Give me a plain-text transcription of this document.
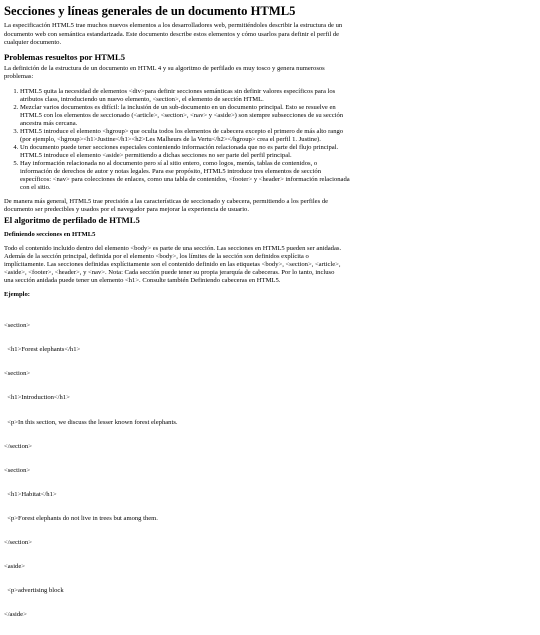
Secciones y líneas generales de un documento HTML5

La especificación HTML5 trae muchos nuevos elementos a los desarrolladores web, permitiéndoles describir la estructura de un documento web con semántica estandarizada. Este documento describe estos elementos y cómo usarlos para definir el perfil de cualquier documento.

Problemas resueltos por HTML5

La definición de la estructura de un documento en HTML 4 y su algoritmo de perfilado es muy tosco y genera numerosos problemas:

1. HTML5 quita la necesidad de elementos <div>para definir secciones semánticas sin definir valores específicos para los atributos class, introduciendo un nuevo elemento, <section>, el elemento de sección HTML.
2. Mezclar varios documentos es difícil: la inclusión de un sub-documento en un documento principal. Esto se resuelve en HTML5 con los elementos de seccionado (<article>, <section>, <nav> y <aside>) son siempre subsecciones de su sección ancestra más cercana.
3. HTML5 introduce el elemento <hgroup> que oculta todos los elementos de cabecera excepto el primero de más alto rango (por ejemplo, <hgroup><h1>Justine</h1><h2>Les Malheurs de la Vertu</h2></hgroup> crea el perfil 1. Justine).
4. Un documento puede tener secciones especiales conteniendo información relacionada que no es parte del flujo principal. HTML5 introduce el elemento <aside> permitiendo a dichas secciones no ser parte del perfil principal.
5. Hay información relacionada no al documento pero sí al sitio entero, como logos, menús, tablas de contenidos, o información de derechos de autor y notas legales. Para ese propósito, HTML5 introduce tres elementos de sección específicos: <nav> para colecciones de enlaces, como una tabla de contenidos, <footer> y <header> información relacionada con el sitio.

De manera más general, HTML5 trae precisión a las características de seccionado y cabecera, permitiendo a los perfiles de documento ser predecibles y usados por el navegador para mejorar la experiencia de usuario.

El algoritmo de perfilado de HTML5
Definiendo secciones en HTML5

Todo el contenido incluido dentro del elemento <body> es parte de una sección. Las secciones en HTML5 pueden ser anidadas. Además de la sección principal, definida por el elemento <body>, los límites de la sección son definidos explícita o implícitamente. Las secciones definidas explícitamente son el contenido definido en las etiquetas <body>, <section>, <article>, <aside>, <footer>, <header>, y <nav>. Nota: Cada sección puede tener su propia jerarquía de cabeceras. Por lo tanto, incluso una sección anidada puede tener un elemento <h1>. Consulte también Definiendo cabeceras en HTML5.

Ejemplo:

<section>

<h1>Forest elephants</h1>

<section>

<h1>Introduction</h1>

<p>In this section, we discuss the lesser known forest elephants.

</section>

<section>

<h1>Habitat</h1>

<p>Forest elephants do not live in trees but among them.

</section>

<aside>

<p>advertising block

</aside>
